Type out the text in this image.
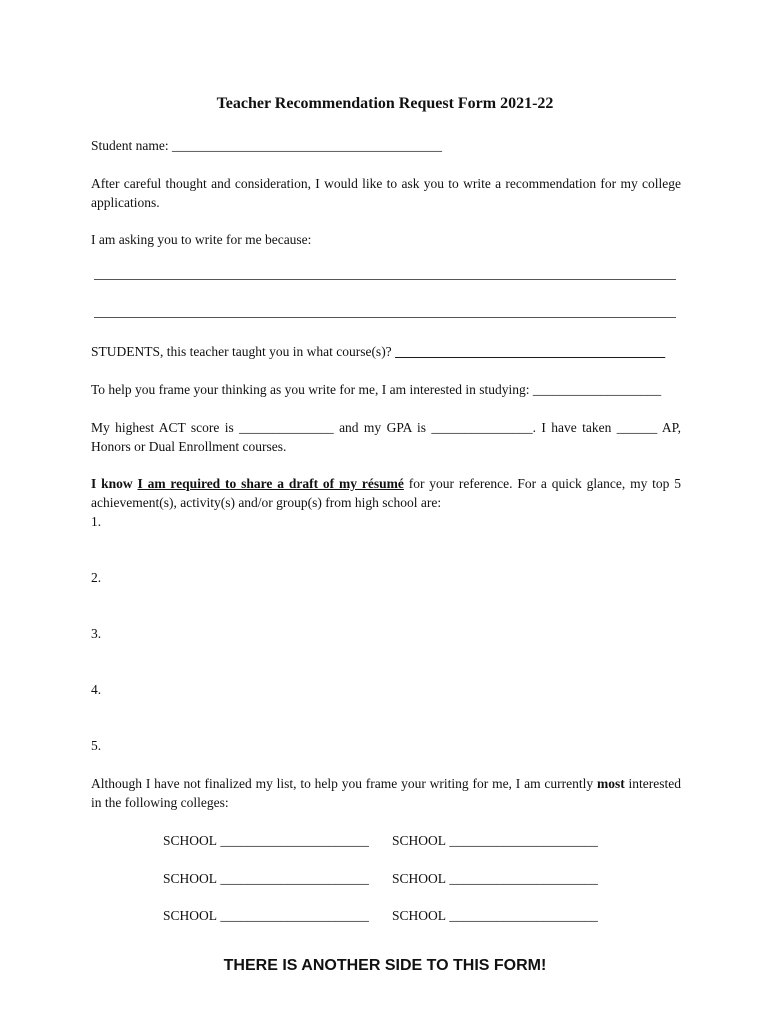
Teacher Recommendation Request Form 2021-22
Student name: ________________________________________
After careful thought and consideration, I would like to ask you to write a recommendation for my college applications.
I am asking you to write for me because:
STUDENTS, this teacher taught you in what course(s)? ________________________________________
To help you frame your thinking as you write for me, I am interested in studying: ___________________
My highest ACT score is ______________ and my GPA is _______________. I have taken ______ AP, Honors or Dual Enrollment courses.
I know I am required to share a draft of my résumé for your reference. For a quick glance, my top 5 achievement(s), activity(s) and/or group(s) from high school are:
1.
2.
3.
4.
5.
Although I have not finalized my list, to help you frame your writing for me, I am currently most interested in the following colleges:
SCHOOL ______________________ SCHOOL ______________________
SCHOOL ______________________ SCHOOL ______________________
SCHOOL ______________________ SCHOOL ______________________
THERE IS ANOTHER SIDE TO THIS FORM!
